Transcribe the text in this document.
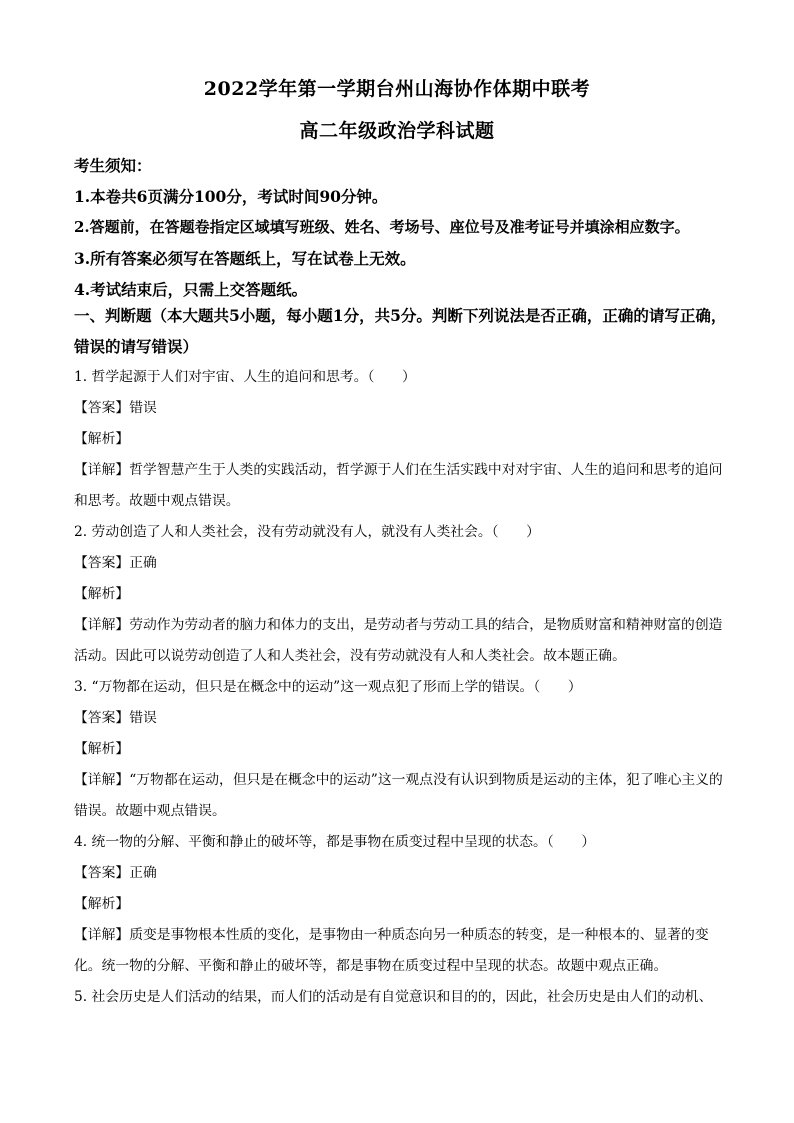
2022学年第一学期台州山海协作体期中联考
高二年级政治学科试题
考生须知：
1.本卷共6页满分100分，考试时间90分钟。
2.答题前，在答题卷指定区域填写班级、姓名、考场号、座位号及准考证号并填涂相应数字。
3.所有答案必须写在答题纸上，写在试卷上无效。
4.考试结束后，只需上交答题纸。
一、判断题（本大题共5小题，每小题1分，共5分。判断下列说法是否正确，正确的请写正确，错误的请写错误）
1. 哲学起源于人们对宇宙、人生的追问和思考。（　　）
【答案】错误
【解析】
【详解】哲学智慧产生于人类的实践活动，哲学源于人们在生活实践中对对宇宙、人生的追问和思考的追问和思考。故题中观点错误。
2. 劳动创造了人和人类社会，没有劳动就没有人，就没有人类社会。（　　）
【答案】正确
【解析】
【详解】劳动作为劳动者的脑力和体力的支出，是劳动者与劳动工具的结合，是物质财富和精神财富的创造活动。因此可以说劳动创造了人和人类社会，没有劳动就没有人和人类社会。故本题正确。
3. “万物都在运动，但只是在概念中的运动”这一观点犯了形而上学的错误。（　　）
【答案】错误
【解析】
【详解】“万物都在运动，但只是在概念中的运动”这一观点没有认识到物质是运动的主体，犯了唯心主义的错误。故题中观点错误。
4. 统一物的分解、平衡和静止的破坏等，都是事物在质变过程中呈现的状态。（　　）
【答案】正确
【解析】
【详解】质变是事物根本性质的变化，是事物由一种质态向另一种质态的转变，是一种根本的、显著的变化。统一物的分解、平衡和静止的破坏等，都是事物在质变过程中呈现的状态。故题中观点正确。
5. 社会历史是人们活动的结果，而人们的活动是有自觉意识和目的的，因此，社会历史是由人们的动机、
